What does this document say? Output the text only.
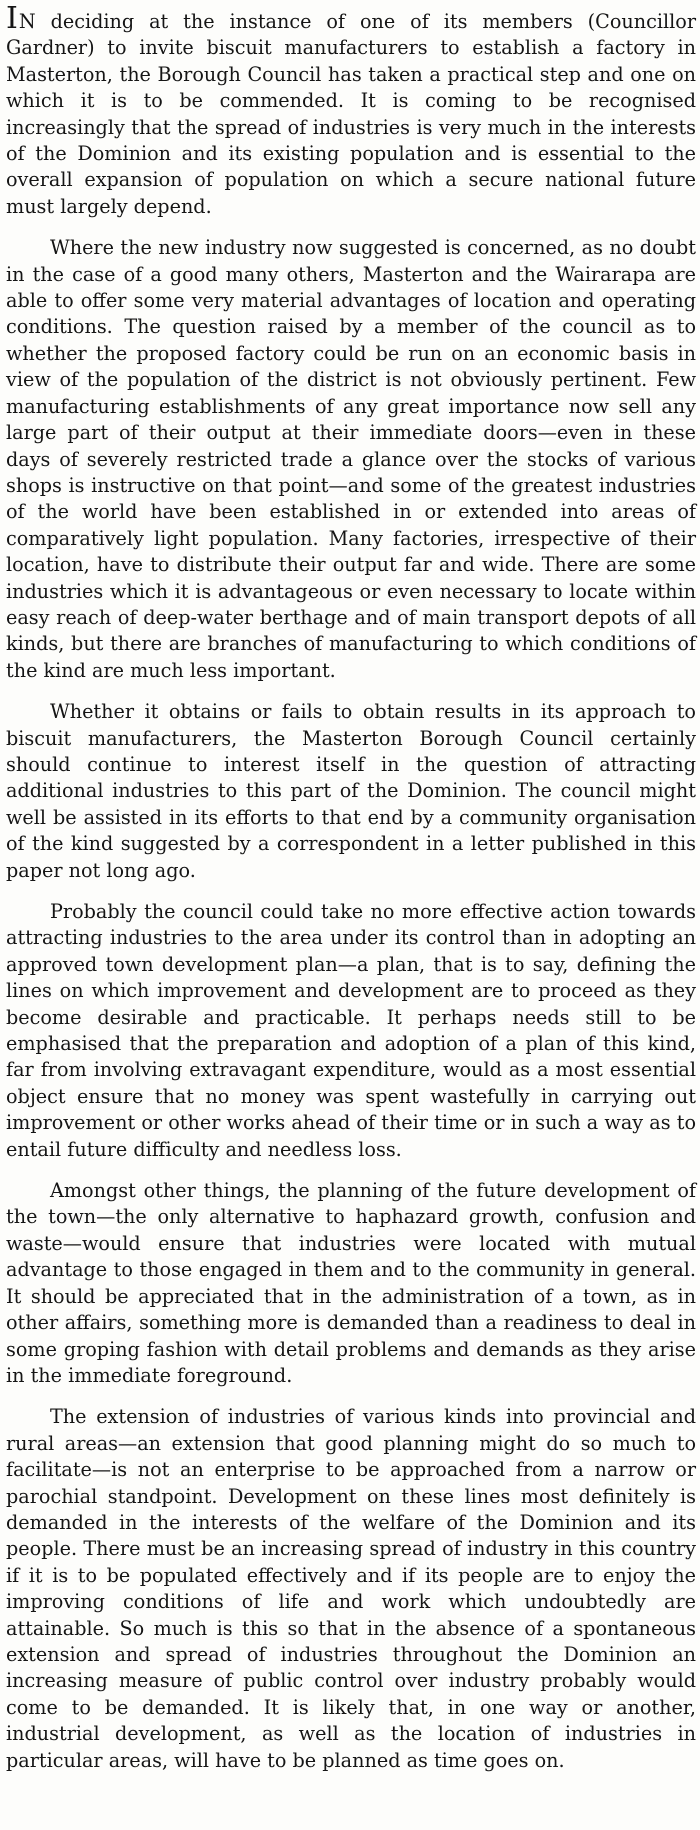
IN deciding at the instance of one of its members (Councillor Gardner) to invite biscuit manufacturers to establish a factory in Masterton, the Borough Council has taken a practical step and one on which it is to be commended. It is coming to be recognised increasingly that the spread of industries is very much in the interests of the Dominion and its existing population and is essential to the overall expansion of population on which a secure national future must largely depend.

Where the new industry now suggested is concerned, as no doubt in the case of a good many others, Masterton and the Wairarapa are able to offer some very material advantages of location and operating conditions. The question raised by a member of the council as to whether the proposed factory could be run on an economic basis in view of the population of the district is not obviously pertinent. Few manufacturing establishments of any great importance now sell any large part of their output at their immediate doors—even in these days of severely restricted trade a glance over the stocks of various shops is instructive on that point—and some of the greatest industries of the world have been established in or extended into areas of comparatively light population. Many factories, irrespective of their location, have to distribute their output far and wide. There are some industries which it is advantageous or even necessary to locate within easy reach of deep-water berthage and of main transport depots of all kinds, but there are branches of manufacturing to which conditions of the kind are much less important.

Whether it obtains or fails to obtain results in its approach to biscuit manufacturers, the Masterton Borough Council certainly should continue to interest itself in the question of attracting additional industries to this part of the Dominion. The council might well be assisted in its efforts to that end by a community organisation of the kind suggested by a correspondent in a letter published in this paper not long ago.

Probably the council could take no more effective action towards attracting industries to the area under its control than in adopting an approved town development plan—a plan, that is to say, defining the lines on which improvement and development are to proceed as they become desirable and practicable. It perhaps needs still to be emphasised that the preparation and adoption of a plan of this kind, far from involving extravagant expenditure, would as a most essential object ensure that no money was spent wastefully in carrying out improvement or other works ahead of their time or in such a way as to entail future difficulty and needless loss.

Amongst other things, the planning of the future development of the town—the only alternative to haphazard growth, confusion and waste—would ensure that industries were located with mutual advantage to those engaged in them and to the community in general. It should be appreciated that in the administration of a town, as in other affairs, something more is demanded than a readiness to deal in some groping fashion with detail problems and demands as they arise in the immediate foreground.

The extension of industries of various kinds into provincial and rural areas—an extension that good planning might do so much to facilitate—is not an enterprise to be approached from a narrow or parochial standpoint. Development on these lines most definitely is demanded in the interests of the welfare of the Dominion and its people. There must be an increasing spread of industry in this country if it is to be populated effectively and if its people are to enjoy the improving conditions of life and work which undoubtedly are attainable. So much is this so that in the absence of a spontaneous extension and spread of industries throughout the Dominion an increasing measure of public control over industry probably would come to be demanded. It is likely that, in one way or another, industrial development, as well as the location of industries in particular areas, will have to be planned as time goes on.
